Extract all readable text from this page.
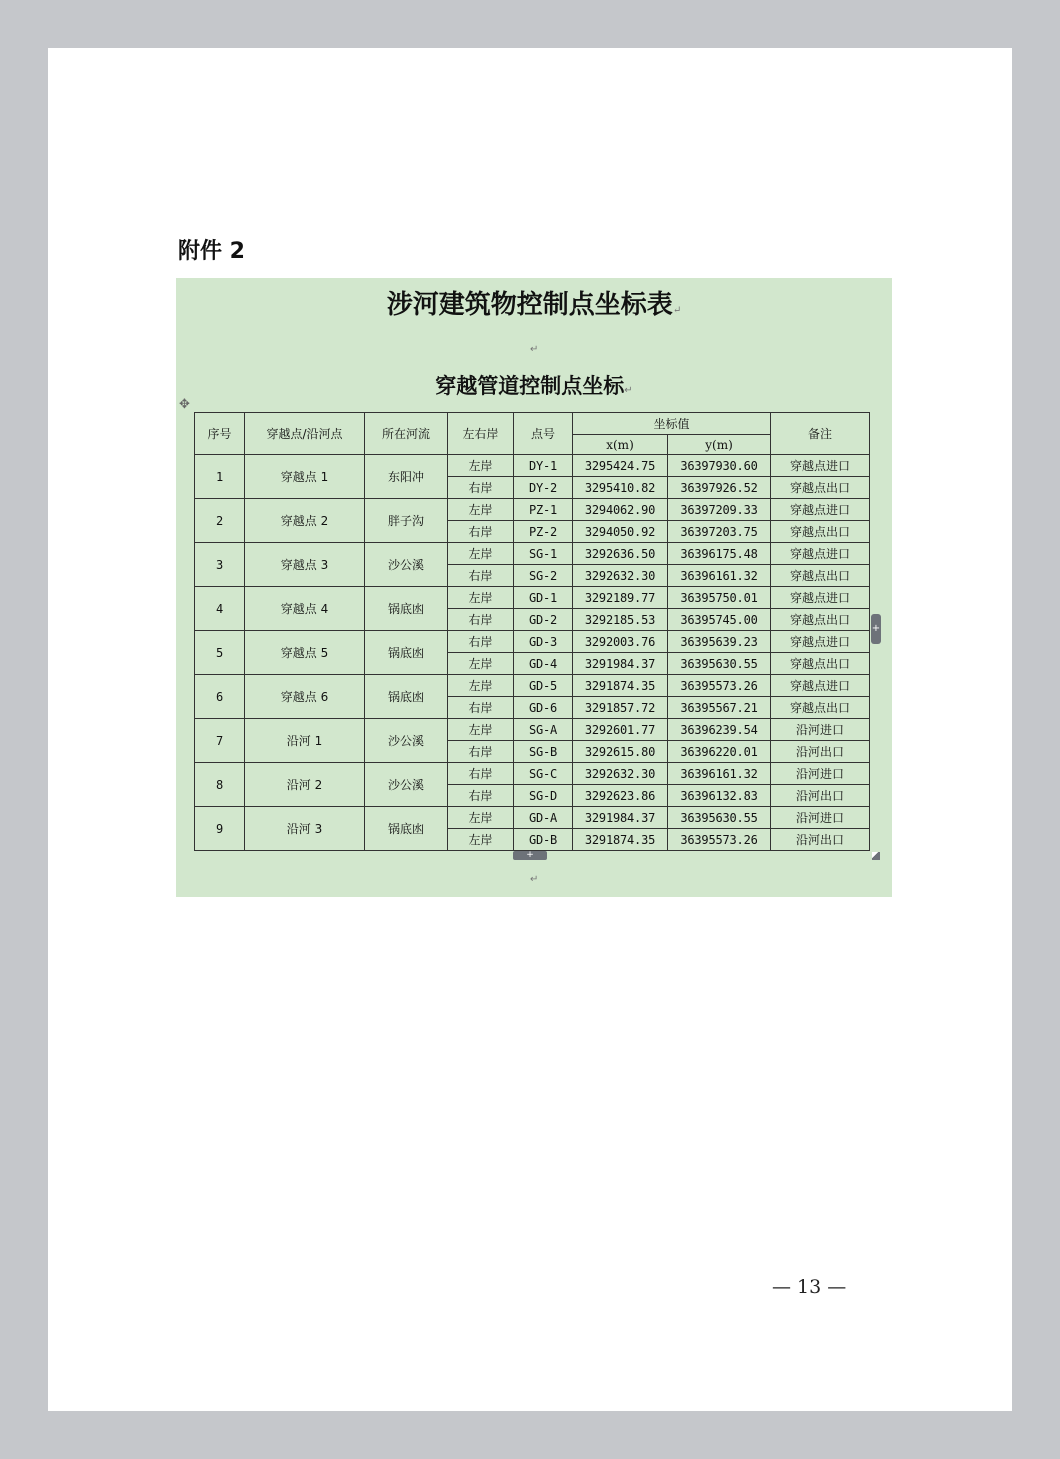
附件 2
涉河建筑物控制点坐标表↵
↵
穿越管道控制点坐标↵
✥
序号	穿越点/沿河点	所在河流	左右岸	点号	坐标值		备注
					x(m)	y(m)	
1	穿越点 1	东阳冲	左岸	DY-1	3295424.75	36397930.60	穿越点进口
			右岸	DY-2	3295410.82	36397926.52	穿越点出口
2	穿越点 2	胖子沟	左岸	PZ-1	3294062.90	36397209.33	穿越点进口
			右岸	PZ-2	3294050.92	36397203.75	穿越点出口
3	穿越点 3	沙公溪	左岸	SG-1	3292636.50	36396175.48	穿越点进口
			右岸	SG-2	3292632.30	36396161.32	穿越点出口
4	穿越点 4	锅底凼	左岸	GD-1	3292189.77	36395750.01	穿越点进口
			右岸	GD-2	3292185.53	36395745.00	穿越点出口
5	穿越点 5	锅底凼	右岸	GD-3	3292003.76	36395639.23	穿越点进口
			左岸	GD-4	3291984.37	36395630.55	穿越点出口
6	穿越点 6	锅底凼	左岸	GD-5	3291874.35	36395573.26	穿越点进口
			右岸	GD-6	3291857.72	36395567.21	穿越点出口
7	沿河 1	沙公溪	左岸	SG-A	3292601.77	36396239.54	沿河进口
			右岸	SG-B	3292615.80	36396220.01	沿河出口
8	沿河 2	沙公溪	右岸	SG-C	3292632.30	36396161.32	沿河进口
			右岸	SG-D	3292623.86	36396132.83	沿河出口
9	沿河 3	锅底凼	左岸	GD-A	3291984.37	36395630.55	沿河进口
			左岸	GD-B	3291874.35	36395573.26	沿河出口
+
+
↵
— 13 —
